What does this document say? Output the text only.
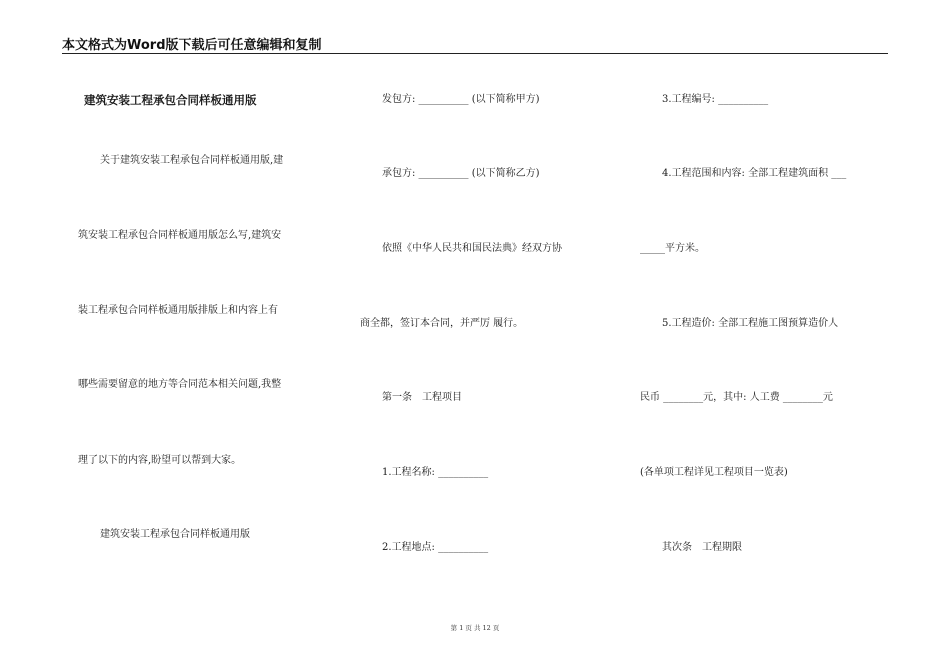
本文格式为Word版下载后可任意编辑和复制
建筑安装工程承包合同样板通用版
关于建筑安装工程承包合同样板通用版,建
筑安装工程承包合同样板通用版怎么写,建筑安
装工程承包合同样板通用版排版上和内容上有
哪些需要留意的地方等合同范本相关问题,我整
理了以下的内容,盼望可以帮到大家。
建筑安装工程承包合同样板通用版
发包方: __________ (以下简称甲方)
承包方: __________ (以下简称乙方)
依照《中华人民共和国民法典》经双方协
商全都，签订本合同，并严厉 履行。
第一条　工程项目
1.工程名称: __________
2.工程地点: __________
3.工程编号: __________
4.工程范围和内容: 全部工程建筑面积 ___
_____平方米。
5.工程造价: 全部工程施工图预算造价人
民币 ________元，其中: 人工费 ________元
(各单项工程详见工程项目一览表)
其次条　工程期限
第 1 页 共 12 页
